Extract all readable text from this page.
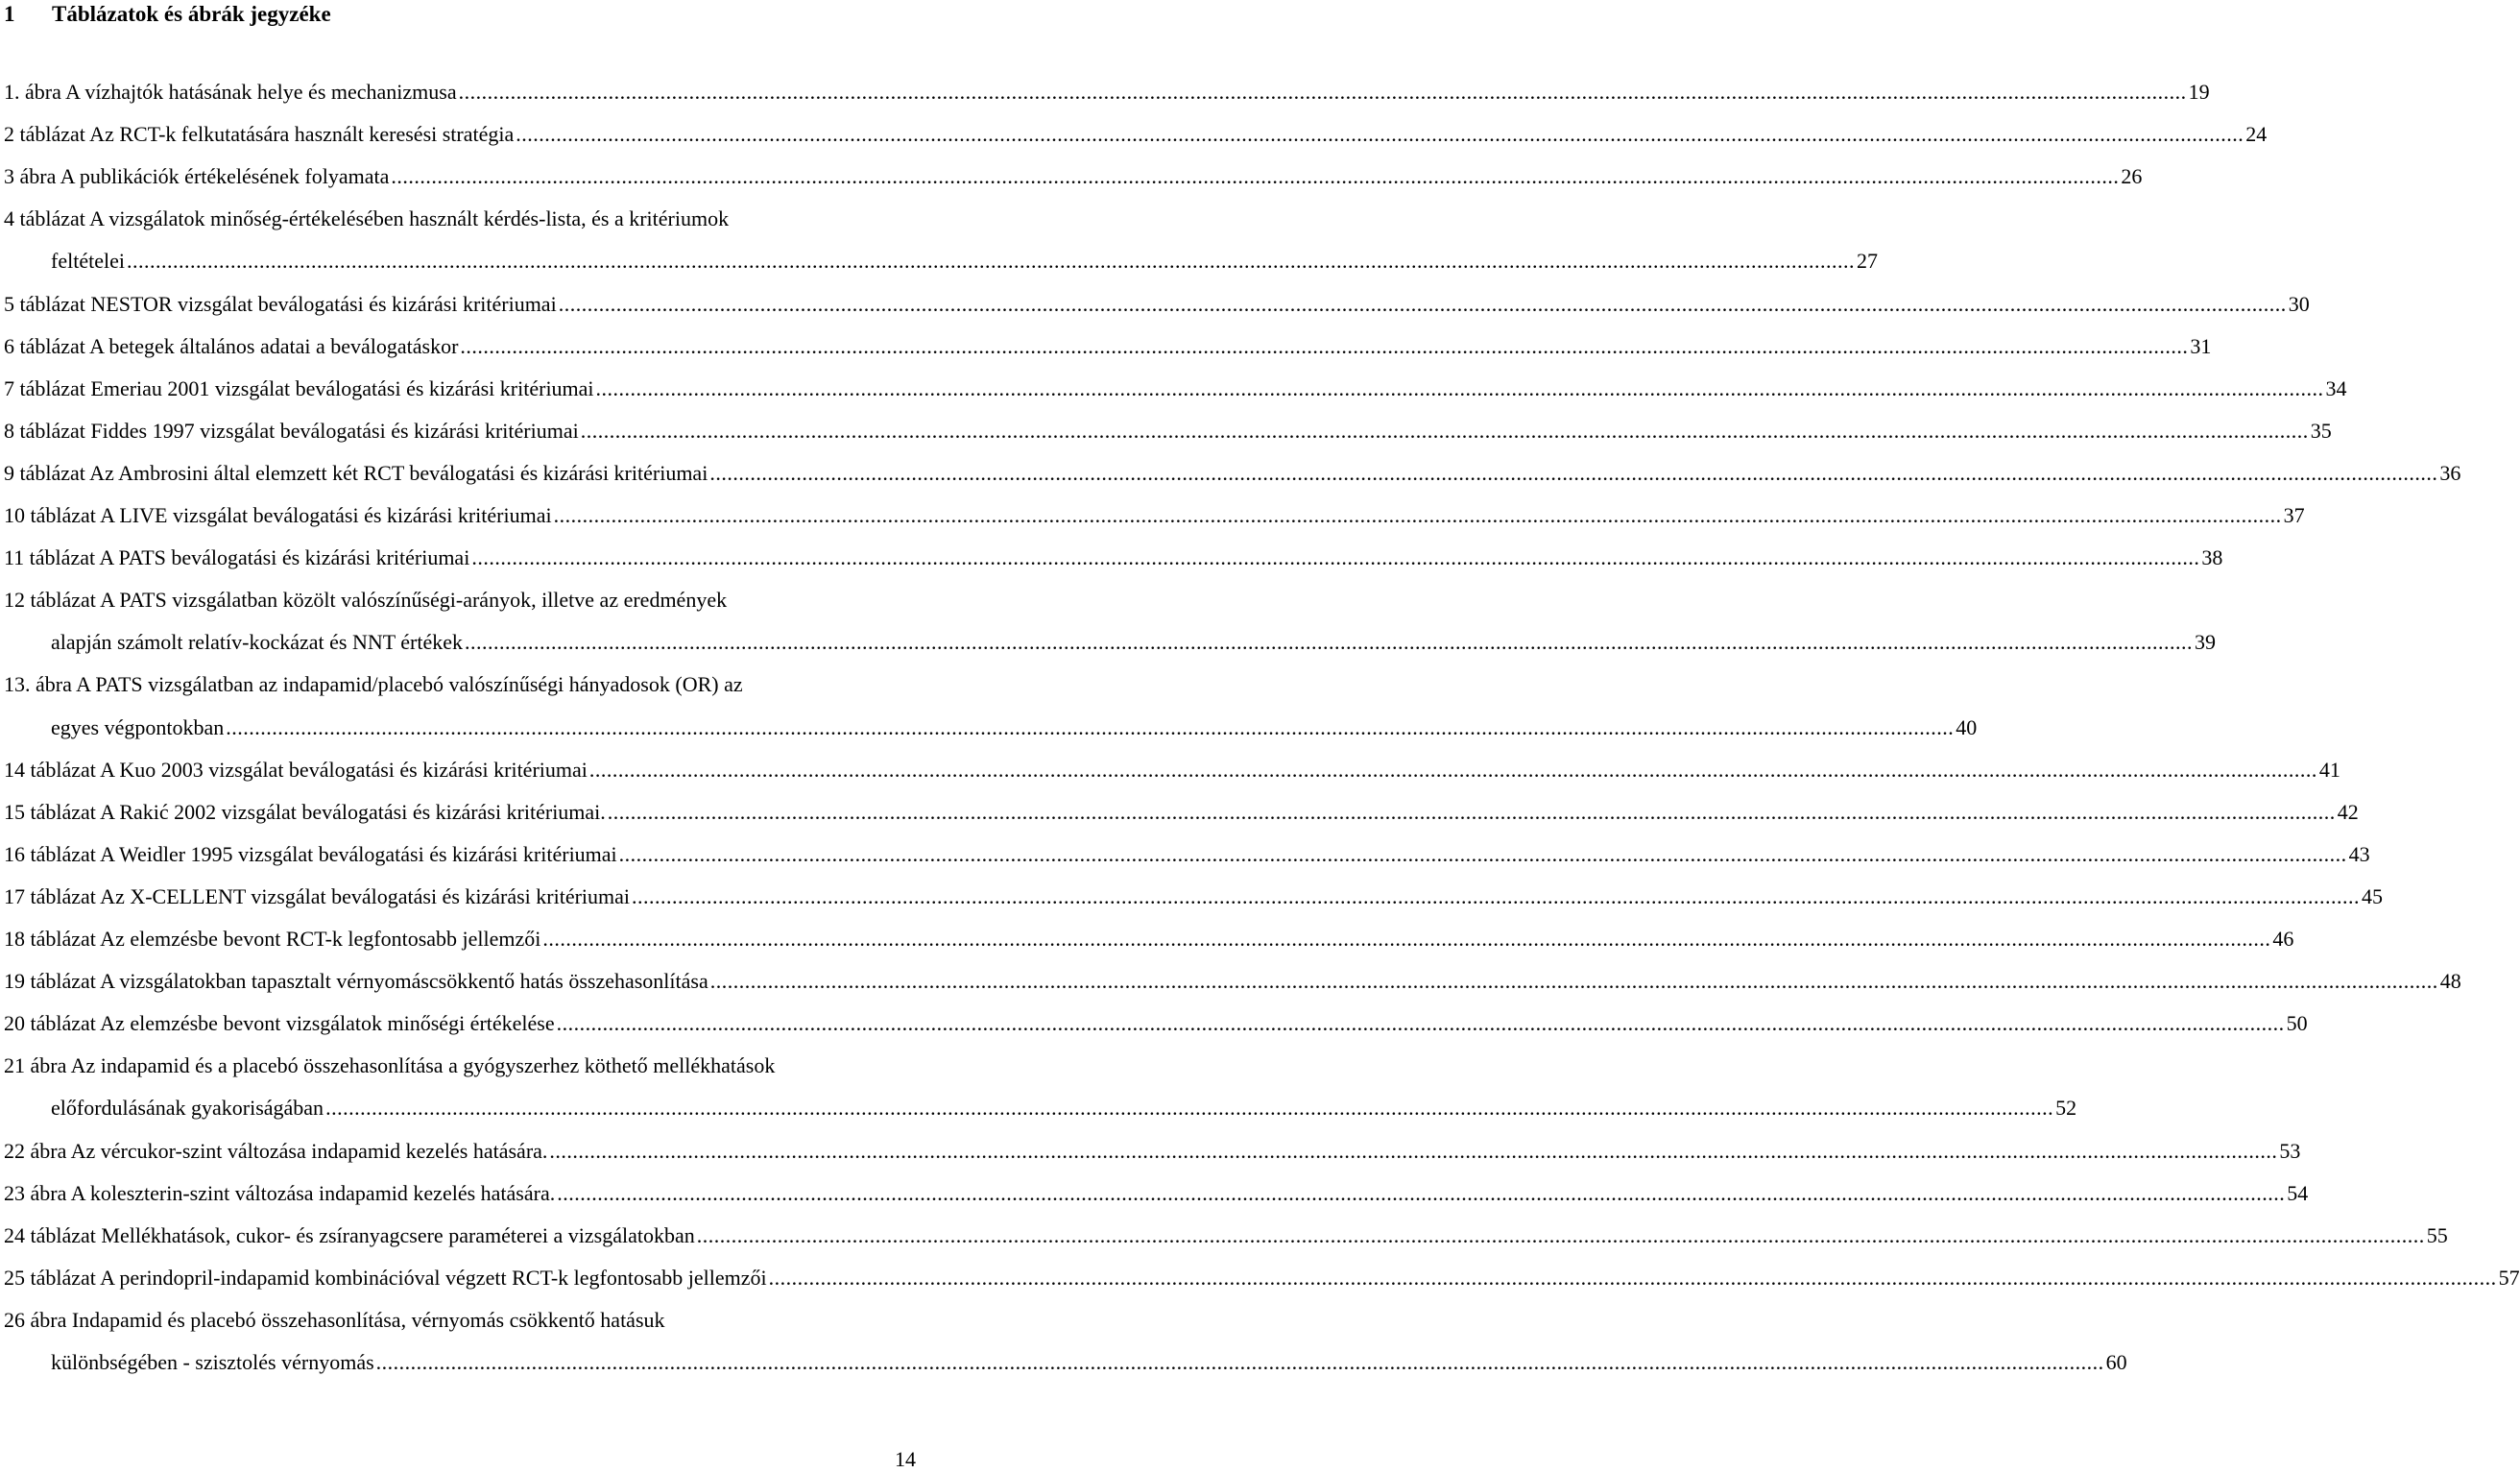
1 Táblázatok és ábrák jegyzéke
1. ábra A vízhajtók hatásának helye és mechanizmusa ............................................................................................................................................................................................................................................................................................................ 19
2 táblázat Az RCT-k felkutatására használt keresési stratégia ............................................................................................................................................................................................................................................................................................................ 24
3 ábra A publikációk értékelésének folyamata ............................................................................................................................................................................................................................................................................................................ 26
4 táblázat A vizsgálatok minőség-értékelésében használt kérdés-lista, és a kritériumok
feltételei ............................................................................................................................................................................................................................................................................................................ 27
5 táblázat NESTOR vizsgálat beválogatási és kizárási kritériumai ............................................................................................................................................................................................................................................................................................................ 30
6 táblázat A betegek általános adatai a beválogatáskor ............................................................................................................................................................................................................................................................................................................ 31
7 táblázat Emeriau 2001 vizsgálat beválogatási és kizárási kritériumai ............................................................................................................................................................................................................................................................................................................ 34
8 táblázat Fiddes 1997 vizsgálat beválogatási és kizárási kritériumai ............................................................................................................................................................................................................................................................................................................ 35
9 táblázat Az Ambrosini által elemzett két RCT beválogatási és kizárási kritériumai ............................................................................................................................................................................................................................................................................................................ 36
10 táblázat A LIVE vizsgálat beválogatási és kizárási kritériumai ............................................................................................................................................................................................................................................................................................................ 37
11 táblázat A PATS beválogatási és kizárási kritériumai ............................................................................................................................................................................................................................................................................................................ 38
12 táblázat A PATS vizsgálatban közölt valószínűségi-arányok, illetve az eredmények
alapján számolt relatív-kockázat és NNT értékek ............................................................................................................................................................................................................................................................................................................ 39
13. ábra A PATS vizsgálatban az indapamid/placebó valószínűségi hányadosok (OR) az
egyes végpontokban ............................................................................................................................................................................................................................................................................................................ 40
14 táblázat A Kuo 2003 vizsgálat beválogatási és kizárási kritériumai ............................................................................................................................................................................................................................................................................................................ 41
15 táblázat A Rakić 2002 vizsgálat beválogatási és kizárási kritériumai. ............................................................................................................................................................................................................................................................................................................ 42
16 táblázat A Weidler 1995 vizsgálat beválogatási és kizárási kritériumai ............................................................................................................................................................................................................................................................................................................ 43
17 táblázat Az X-CELLENT vizsgálat beválogatási és kizárási kritériumai ............................................................................................................................................................................................................................................................................................................ 45
18 táblázat Az elemzésbe bevont RCT-k legfontosabb jellemzői ............................................................................................................................................................................................................................................................................................................ 46
19 táblázat A vizsgálatokban tapasztalt vérnyomáscsökkentő hatás összehasonlítása ............................................................................................................................................................................................................................................................................................................ 48
20 táblázat Az elemzésbe bevont vizsgálatok minőségi értékelése ............................................................................................................................................................................................................................................................................................................ 50
21 ábra Az indapamid és a placebó összehasonlítása a gyógyszerhez köthető mellékhatások
előfordulásának gyakoriságában ............................................................................................................................................................................................................................................................................................................ 52
22 ábra Az vércukor-szint változása indapamid kezelés hatására. ............................................................................................................................................................................................................................................................................................................ 53
23 ábra A koleszterin-szint változása indapamid kezelés hatására. ............................................................................................................................................................................................................................................................................................................ 54
24 táblázat Mellékhatások, cukor- és zsíranyagcsere paraméterei a vizsgálatokban ............................................................................................................................................................................................................................................................................................................ 55
25 táblázat A perindopril-indapamid kombinációval végzett RCT-k legfontosabb jellemzői ............................................................................................................................................................................................................................................................................................................ 57
26 ábra Indapamid és placebó összehasonlítása, vérnyomás csökkentő hatásuk
különbségében - szisztolés vérnyomás ............................................................................................................................................................................................................................................................................................................ 60
14
